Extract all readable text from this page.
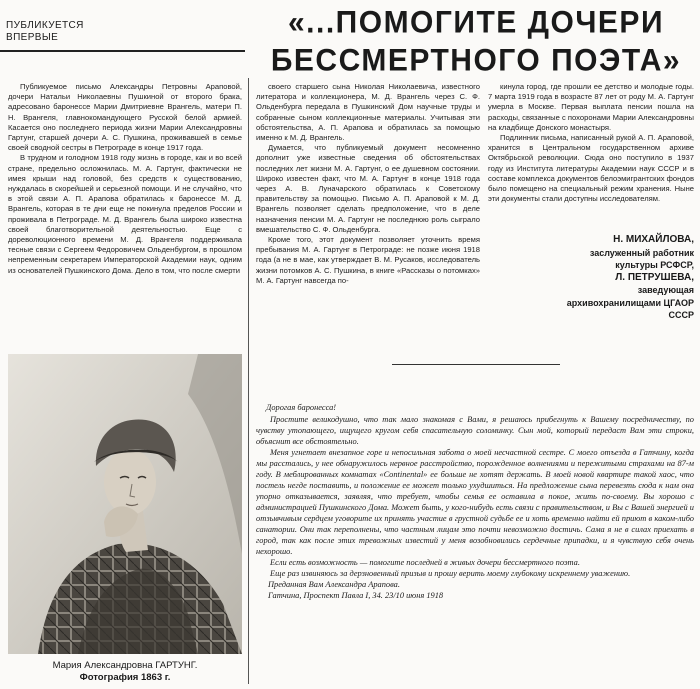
ПУБЛИКУЕТСЯ ВПЕРВЫЕ	«...ПОМОГИТЕ ДОЧЕРИ
БЕССМЕРТНОГО ПОЭТА»

Публикуемое письмо Александры Петровны Араповой, дочери Натальи Николаевны Пушкиной от второго брака, адресовано баронессе Марии Дмитриевне Врангель, матери П. Н. Врангеля, главнокомандующего Русской белой армией. Касается оно последнего периода жизни Марии Александровны Гартунг, старшей дочери А. С. Пушкина, проживавшей в семье своей сводной сестры в Петрограде в конце 1917 года.

В трудном и голодном 1918 году жизнь в городе, как и во всей стране, предельно осложнилась. М. А. Гартунг, фактически не имея крыши над головой, без средств к существованию, нуждалась в скорейшей и серьезной помощи. И не случайно, что в этой связи А. П. Арапова обратилась к баронессе М. Д. Врангель, которая в те дни еще не покинула пределов России и проживала в Петрограде. М. Д. Врангель была широко известна своей благотворительной деятельностью. Еще с дореволюционного времени М. Д. Врангеля поддерживала тесные связи с Сергеем Федоровичем Ольденбургом, в прошлом непременным секретарем Императорской Академии наук, одним из основателей Пушкинского Дома. Дело в том, что после смерти

своего старшего сына Николая Николаевича, известного литератора и коллекционера, М. Д. Врангель через С. Ф. Ольденбурга передала в Пушкинский Дом научные труды и собранные сыном коллекционные материалы. Учитывая эти обстоятельства, А. П. Арапова и обратилась за помощью именно к М. Д. Врангель.

Думается, что публикуемый документ несомненно дополнит уже известные сведения об обстоятельствах последних лет жизни М. А. Гартунг, о ее душевном состоянии. Широко известен факт, что М. А. Гартунг в конце 1918 года через А. В. Луначарского обратилась к Советскому правительству за помощью. Письмо А. П. Араповой к М. Д. Врангель позволяет сделать предположение, что в деле назначения пенсии М. А. Гартунг не последнюю роль сыграло вмешательство С. Ф. Ольденбурга.

Кроме того, этот документ позволяет уточнить время пребывания М. А. Гартунг в Петрограде: не позже июня 1918 года (а не в мае, как утверждает В. М. Русаков, исследователь жизни потомков А. С. Пушкина, в книге «Рассказы о потомках» М. А. Гартунг навсегда по-

кинула город, где прошли ее детство и молодые годы. 7 марта 1919 года в возрасте 87 лет от роду М. А. Гартунг умерла в Москве. Первая выплата пенсии пошла на расходы, связанные с похоронами Марии Александровны на кладбище Донского монастыря.

Подлинник письма, написанный рукой А. П. Араповой, хранится в Центральном государственном архиве Октябрьской революции. Сюда оно поступило в 1937 году из Института литературы Академии наук СССР и в составе комплекса документов белоэмигрантских фондов было помещено на специальный режим хранения. Ныне эти документы стали доступны исследователям.

Н. МИХАЙЛОВА,
заслуженный работник
культуры РСФСР,
Л. ПЕТРУШЕВА,
заведующая
архивохранилищами ЦГАОР
СССР
Мария Александровна ГАРТУНГ.
Фотография 1863 г.

Дорогая баронесса!

Простите великодушно, что так мало знакомая с Вами, я решаюсь прибегнуть к Вашему посредничеству, по чувству утопающего, ищущего кругом себя спасательную соломинку. Сын мой, который передаст Вам эти строки, объяснит все обстоятельно.

Меня угнетает внезапное горе и непосильная забота о моей несчастной сестре. С моего отъезда в Гатчину, когда мы расстались, у нее обнаружилось нервное расстройство, порожденное волнениями и пережитыми страхами на 87-м году. В меблированных комнатах «Continental» ее больше не хотят держать. В моей новой квартире такой хаос, что постель негде поставить, и положение ее может только ухудшиться. На предложение сына перевезть сюда к нам она упорно отказывается, заявляя, что требует, чтобы семья ее оставила в покое, жить по-своему. Вы хорошо с администрацией Пушкинского Дома. Может быть, у кого-нибудь есть связи с правительством, и Вы с Вашей энергией и отзывчивым сердцем уговорите их принять участие в грустной судьбе ее и хоть временно найти ей приют в каком-либо санатории. Они так переполнены, что частным лицам это почти невозможно достичь. Сама я не в силах приехать в город, так как после этих тревожных известий у меня возобновились сердечные припадки, и я чувствую себя очень нехорошо.

Если есть возможность — помогите последней в живых дочери бессмертного поэта.

Еще раз извиняюсь за дерзновенный призыв и прошу верить моему глубокому искреннему уважению.

Преданная Вам Александра Арапова.

Гатчина, Проспект Павла I, 34. 23/10 июня 1918
